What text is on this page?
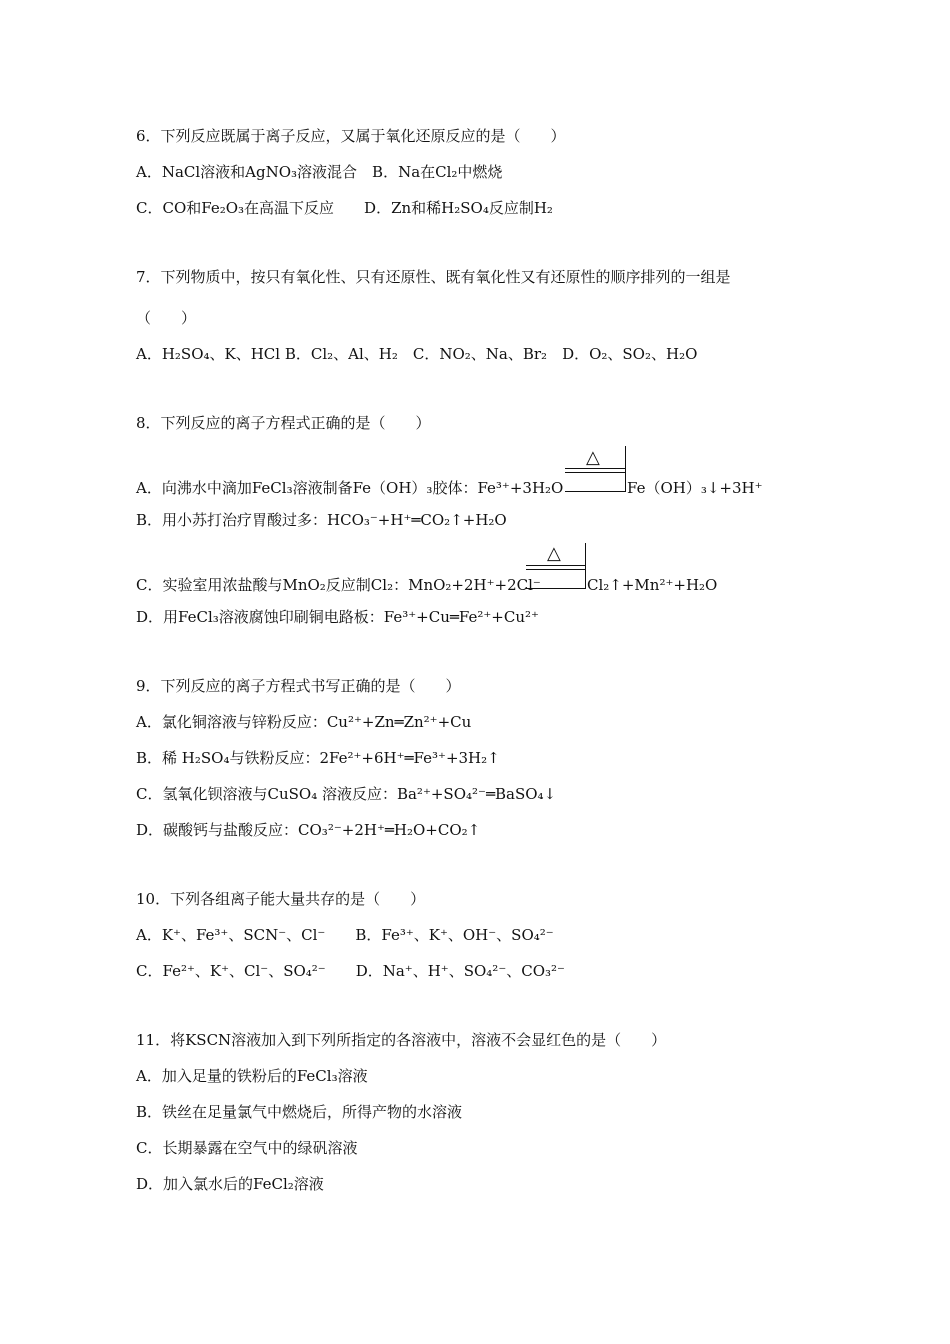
6．下列反应既属于离子反应，又属于氧化还原反应的是（　　）
A．NaCl溶液和AgNO₃溶液混合　B．Na在Cl₂中燃烧
C．CO和Fe₂O₃在高温下反应　　D．Zn和稀H₂SO₄反应制H₂
7．下列物质中，按只有氧化性、只有还原性、既有氧化性又有还原性的顺序排列的一组是
（　　）
A．H₂SO₄、K、HCl B．Cl₂、Al、H₂　C．NO₂、Na、Br₂　D．O₂、SO₂、H₂O
8．下列反应的离子方程式正确的是（　　）
A．向沸水中滴加FeCl₃溶液制备Fe（OH）₃胶体：Fe³⁺+3H₂O	Fe（OH）₃↓+3H⁺
△
B．用小苏打治疗胃酸过多：HCO₃⁻+H⁺═CO₂↑+H₂O
C．实验室用浓盐酸与MnO₂反应制Cl₂：MnO₂+2H⁺+2Cl⁻	Cl₂↑+Mn²⁺+H₂O
△
D．用FeCl₃溶液腐蚀印刷铜电路板：Fe³⁺+Cu═Fe²⁺+Cu²⁺
9．下列反应的离子方程式书写正确的是（　　）
A．氯化铜溶液与锌粉反应：Cu²⁺+Zn═Zn²⁺+Cu
B．稀 H₂SO₄与铁粉反应：2Fe²⁺+6H⁺═Fe³⁺+3H₂↑
C．氢氧化钡溶液与CuSO₄ 溶液反应：Ba²⁺+SO₄²⁻═BaSO₄↓
D．碳酸钙与盐酸反应：CO₃²⁻+2H⁺═H₂O+CO₂↑
10．下列各组离子能大量共存的是（　　）
A．K⁺、Fe³⁺、SCN⁻、Cl⁻　　B．Fe³⁺、K⁺、OH⁻、SO₄²⁻
C．Fe²⁺、K⁺、Cl⁻、SO₄²⁻　　D．Na⁺、H⁺、SO₄²⁻、CO₃²⁻
11．将KSCN溶液加入到下列所指定的各溶液中，溶液不会显红色的是（　　）
A．加入足量的铁粉后的FeCl₃溶液
B．铁丝在足量氯气中燃烧后，所得产物的水溶液
C．长期暴露在空气中的绿矾溶液
D．加入氯水后的FeCl₂溶液
